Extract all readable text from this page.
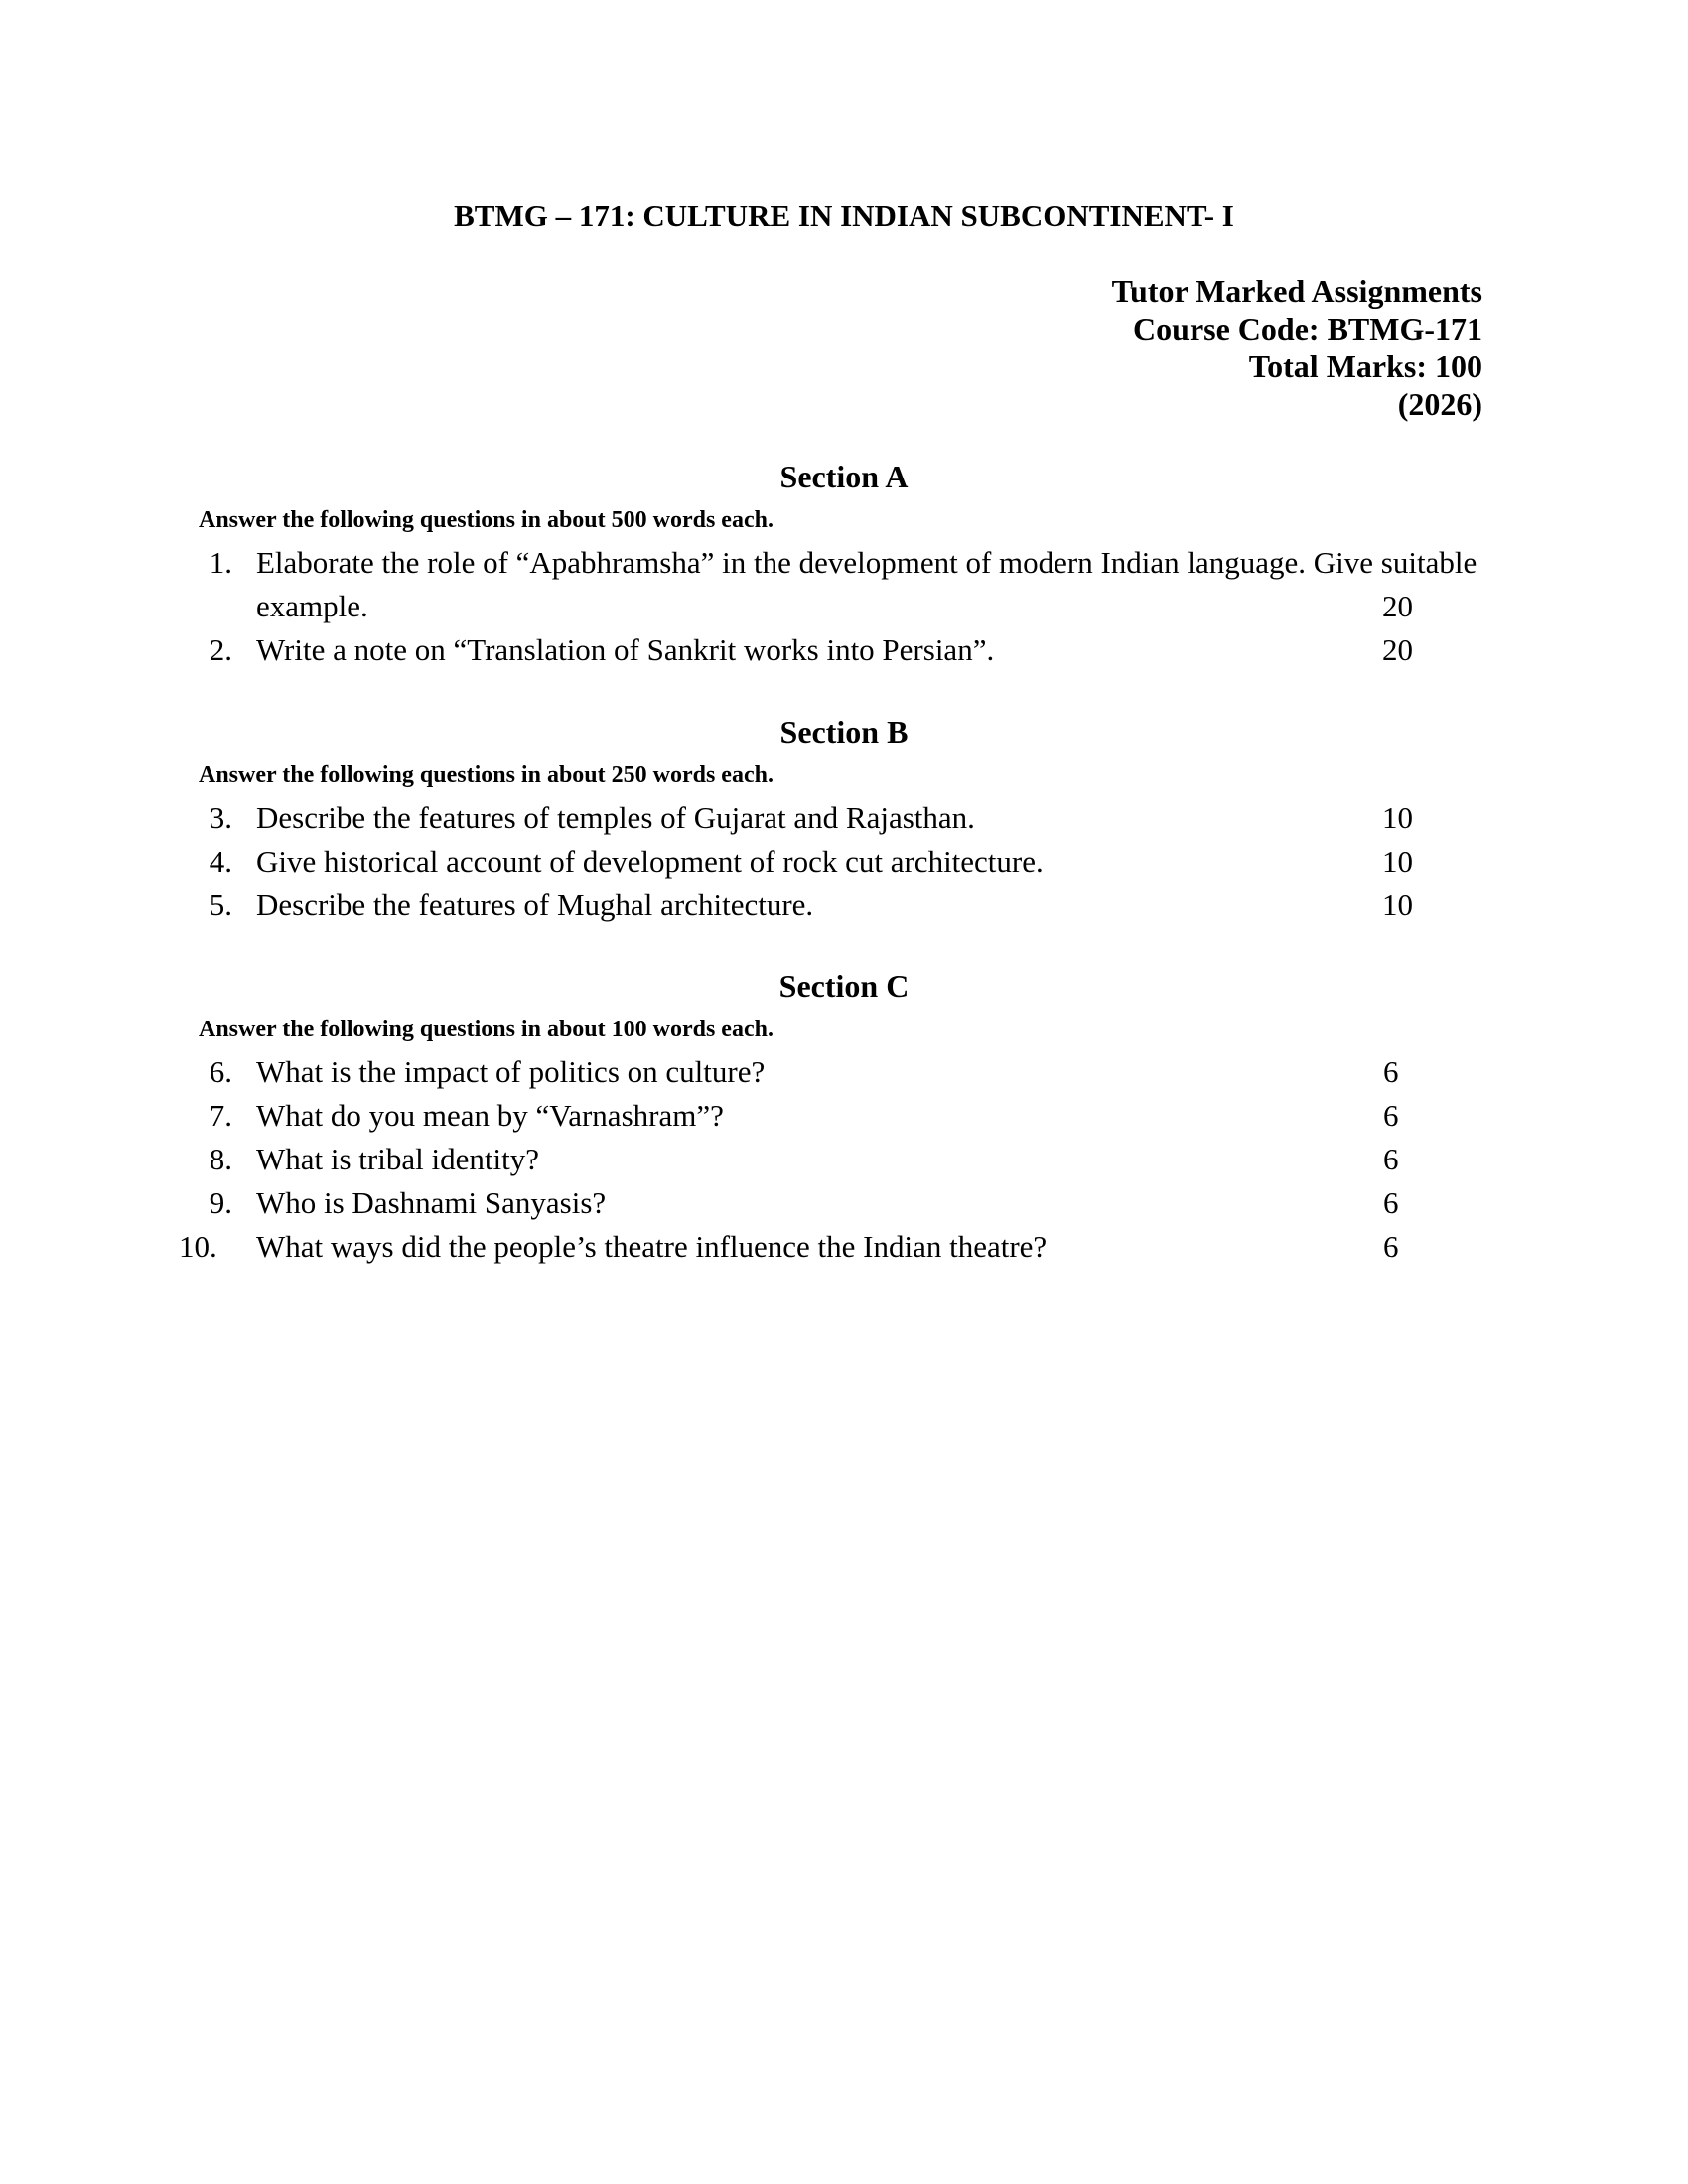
BTMG – 171: CULTURE IN INDIAN SUBCONTINENT- I
Tutor Marked Assignments
Course Code: BTMG-171
Total Marks: 100
(2026)
Section A

Answer the following questions in about 500 words each.

1. Elaborate the role of “Apabhramsha” in the development of modern Indian language. Give suitable example.	20
2. Write a note on “Translation of Sankrit works into Persian”.	20
Section B

Answer the following questions in about 250 words each.

3. Describe the features of temples of Gujarat and Rajasthan.	10
4. Give historical account of development of rock cut architecture.	10
5. Describe the features of Mughal architecture.	10
Section C

Answer the following questions in about 100 words each.

6. What is the impact of politics on culture?	6
7. What do you mean by “Varnashram”?	6
8. What is tribal identity?	6
9. Who is Dashnami Sanyasis?	6
10.	What ways did the people’s theatre influence the Indian theatre?	6
